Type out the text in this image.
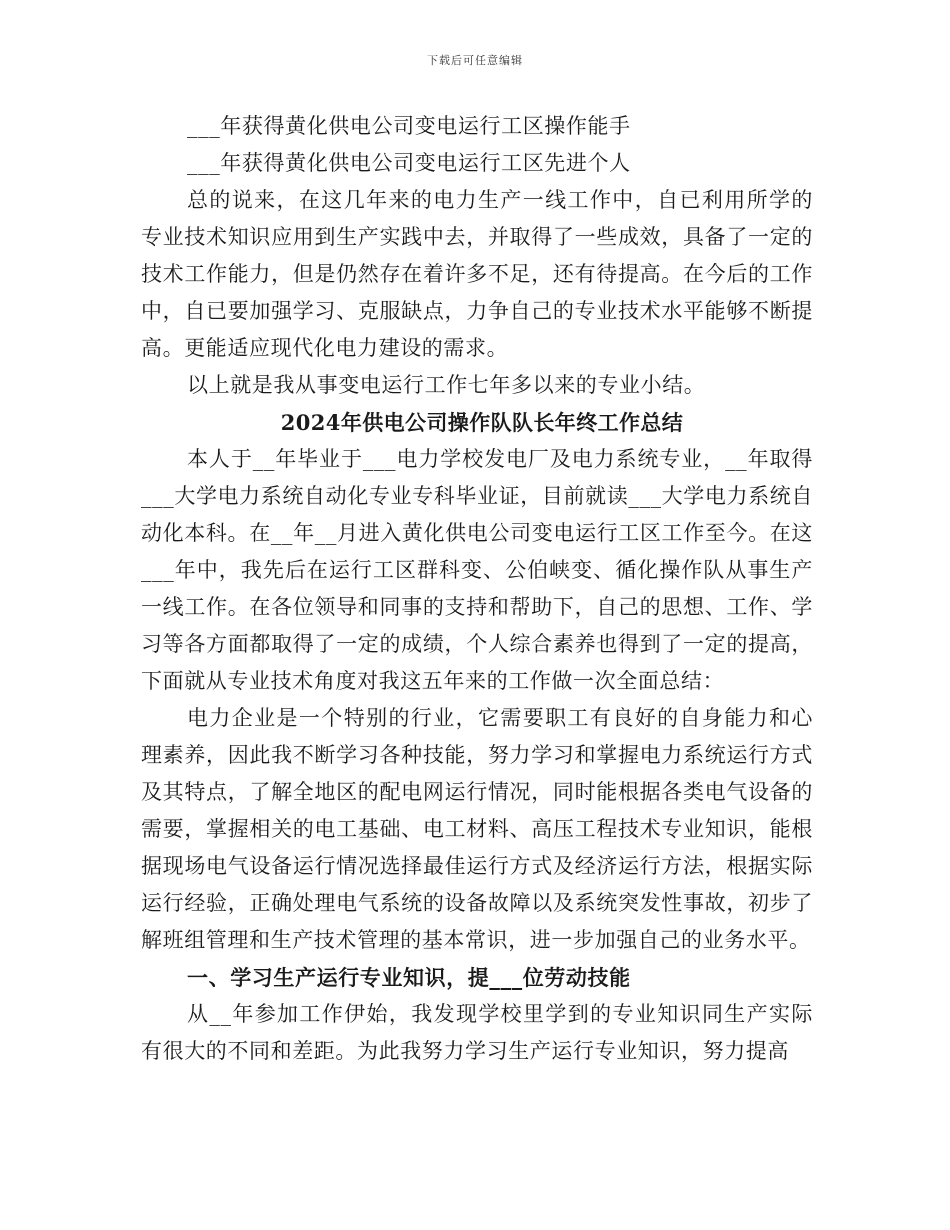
下载后可任意编辑

___年获得黄化供电公司变电运行工区操作能手

___年获得黄化供电公司变电运行工区先进个人

总的说来，在这几年来的电力生产一线工作中，自已利用所学的专业技术知识应用到生产实践中去，并取得了一些成效，具备了一定的技术工作能力，但是仍然存在着许多不足，还有待提高。在今后的工作中，自已要加强学习、克服缺点，力争自己的专业技术水平能够不断提高。更能适应现代化电力建设的需求。

以上就是我从事变电运行工作七年多以来的专业小结。

2024年供电公司操作队队长年终工作总结

本人于__年毕业于___电力学校发电厂及电力系统专业，__年取得___大学电力系统自动化专业专科毕业证，目前就读___大学电力系统自动化本科。在__年__月进入黄化供电公司变电运行工区工作至今。在这___年中，我先后在运行工区群科变、公伯峡变、循化操作队从事生产一线工作。在各位领导和同事的支持和帮助下，自己的思想、工作、学习等各方面都取得了一定的成绩，个人综合素养也得到了一定的提高，下面就从专业技术角度对我这五年来的工作做一次全面总结：

电力企业是一个特别的行业，它需要职工有良好的自身能力和心理素养，因此我不断学习各种技能，努力学习和掌握电力系统运行方式及其特点，了解全地区的配电网运行情况，同时能根据各类电气设备的需要，掌握相关的电工基础、电工材料、高压工程技术专业知识，能根据现场电气设备运行情况选择最佳运行方式及经济运行方法，根据实际运行经验，正确处理电气系统的设备故障以及系统突发性事故，初步了解班组管理和生产技术管理的基本常识，进一步加强自己的业务水平。

一、学习生产运行专业知识，提___位劳动技能

从__年参加工作伊始，我发现学校里学到的专业知识同生产实际有很大的不同和差距。为此我努力学习生产运行专业知识，努力提高
